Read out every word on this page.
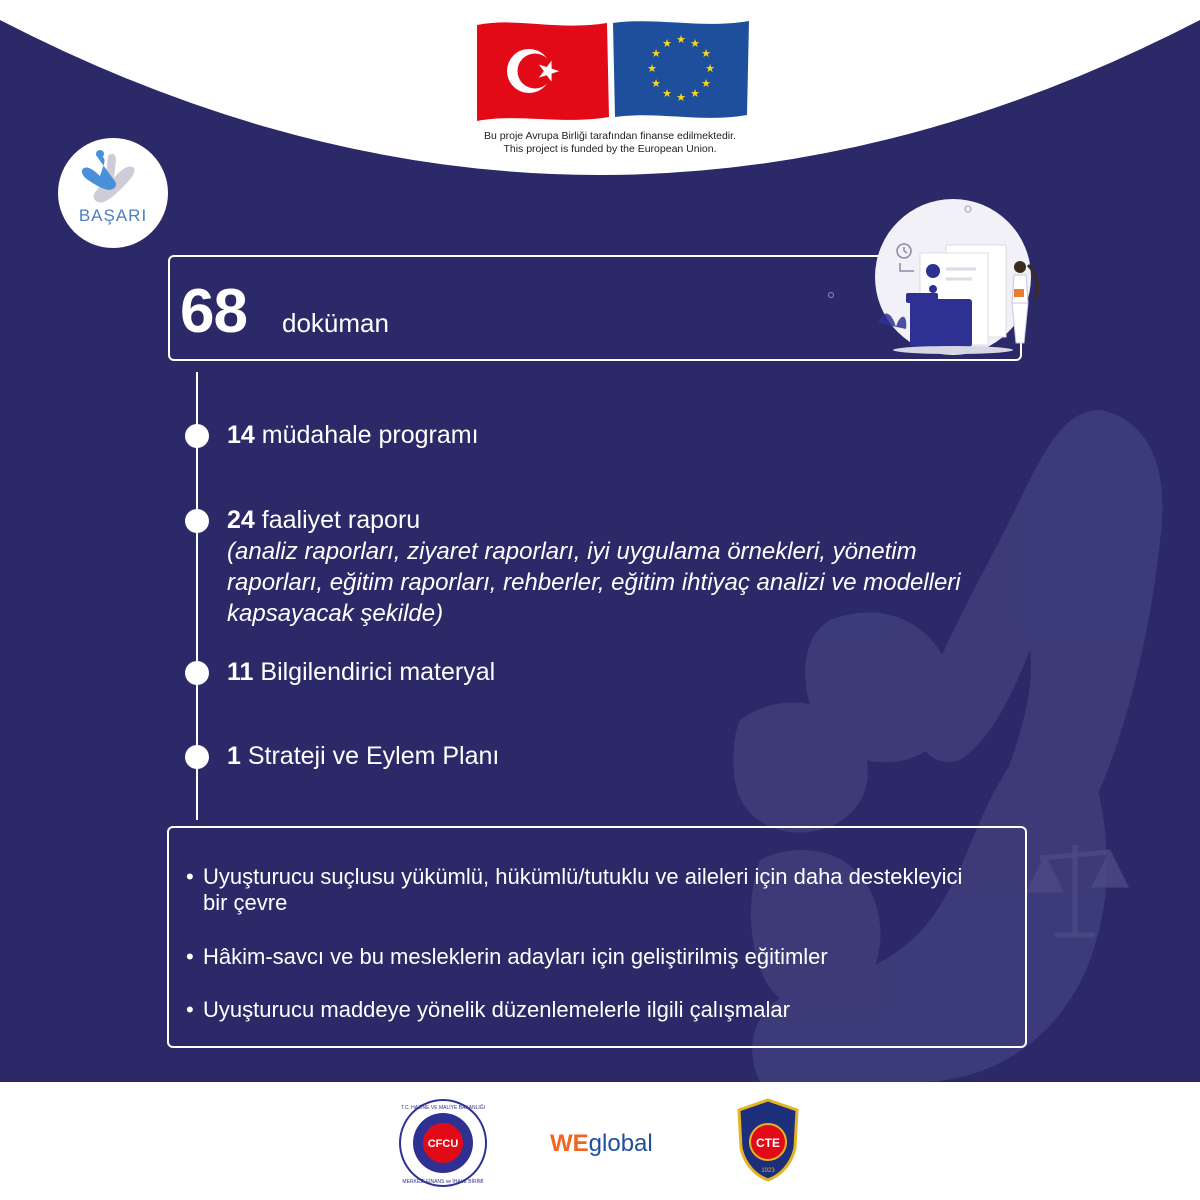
★ ★
★
★
★
★
★
★
★
★
★
★
Bu proje Avrupa Birliği tarafından finanse edilmektedir.
This project is funded by the European Union.
BAŞARI
68 doküman
14 müdahale programı
24 faaliyet raporu
(analiz raporları, ziyaret raporları, iyi uygulama örnekleri, yönetim raporları, eğitim raporları, rehberler, eğitim ihtiyaç analizi ve modelleri kapsayacak şekilde)
11 Bilgilendirici materyal
1 Strateji ve Eylem Planı
• Uyuşturucu suçlusu yükümlü, hükümlü/tutuklu ve aileleri için daha destekleyici bir çevre
• Hâkim-savcı ve bu mesleklerin adayları için geliştirilmiş eğitimler
• Uyuşturucu maddeye yönelik düzenlemelerle ilgili çalışmalar
CFCU
T.C. HAZİNE VE MALİYE BAKANLIĞI
MERKEZİ FİNANS ve İHALE BİRİMİ
WEglobal	CTE
1923
